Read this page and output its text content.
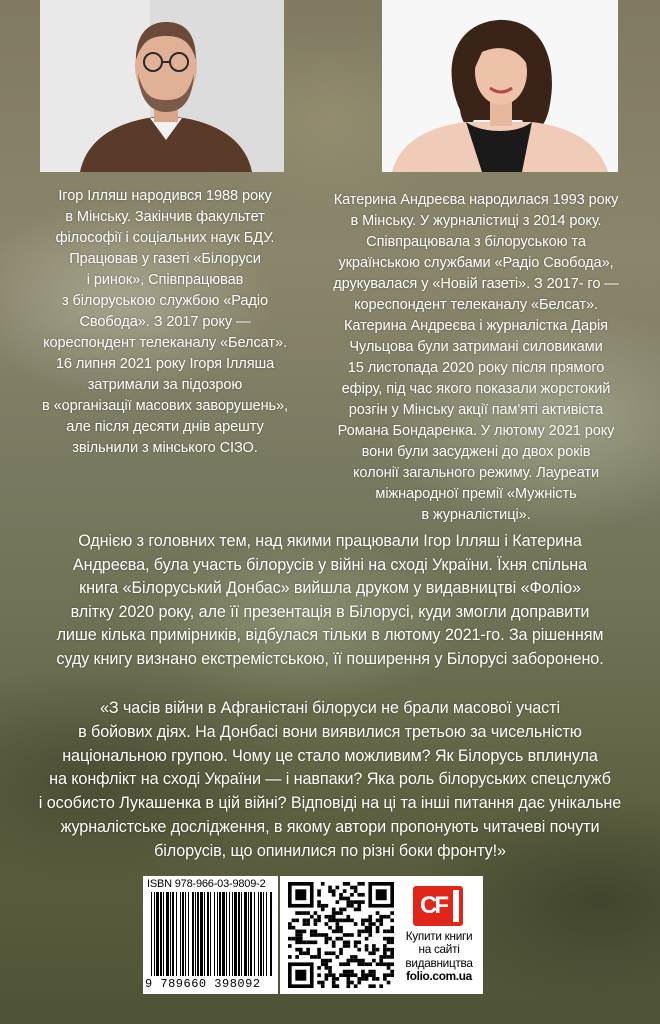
Ігор Ілляш народився 1988 року
в Мінську. Закінчив факультет
філософії і соціальних наук БДУ.
Працював у газеті «Білоруси
і ринок», Співпрацював
з білоруською службою «Радіо
Свобода». З 2017 року —
кореспондент телеканалу «Белсат».
16 липня 2021 року Ігоря Ілляша
затримали за підозрою
в «організації масових заворушень»,
але після десяти днів арешту
звільнили з мінського СІЗО.
Катерина Андреєва народилася 1993 року
в Мінську. У журналістиці з 2014 року.
Співпрацювала з білоруською та
українською службами «Радіо Свобода»,
друкувалася у «Новій газеті». З 2017- го —
кореспондент телеканалу «Белсат».
Катерина Андреєва і журналістка Дарія
Чульцова були затримані силовиками
15 листопада 2020 року після прямого
ефіру, під час якого показали жорстокий
розгін у Мінську акції пам'яті активіста
Романа Бондаренка. У лютому 2021 року
вони були засуджені до двох років
колонії загального режиму. Лауреати
міжнародної премії «Мужність
в журналістиці».
Однією з головних тем, над якими працювали Ігор Ілляш і Катерина
Андреєва, була участь білорусів у війні на сході України. Їхня спільна
книга «Білоруський Донбас» вийшла друком у видавництві «Фоліо»
влітку 2020 року, але її презентація в Білорусі, куди змогли доправити
лише кілька примірників, відбулася тільки в лютому 2021-го. За рішенням
суду книгу визнано екстремістською, її поширення у Білорусі заборонено.
«З часів війни в Афганістані білоруси не брали масової участі
в бойових діях. На Донбасі вони виявилися третьою за чисельністю
національною групою. Чому це стало можливим? Як Білорусь вплинула
на конфлікт на сході України — і навпаки? Яка роль білоруських спецслужб
і особисто Лукашенка в цій війні? Відповіді на ці та інші питання дає унікальне
журналістське дослідження, в якому автори пропонують читачеві почути
білорусів, що опинилися по різні боки фронту!»
ISBN 978-966-03-9809-2
9 789660 398092
CF
Купити книги
на сайті
видавництва
folio.com.ua
